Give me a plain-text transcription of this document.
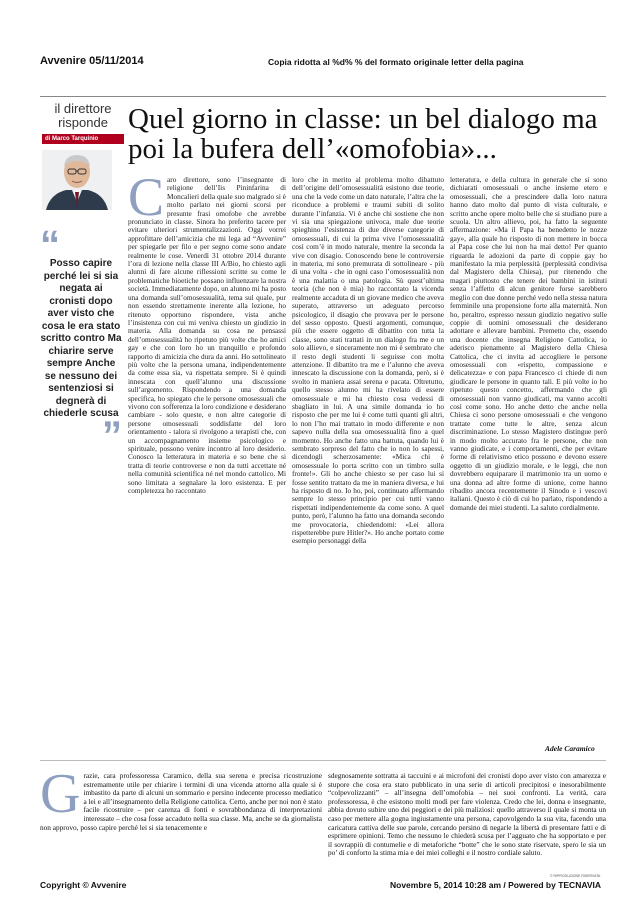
Avvenire 05/11/2014	Copia ridotta al %d% % del formato originale letter della pagina
il direttore
risponde
di Marco Tarquinio
Quel giorno in classe: un bel dialogo ma poi la bufera dell’«omofobia»...
“
Posso capire perché lei si sia negata ai cronisti dopo aver visto che cosa le era stato scritto contro Ma chiarire serve sempre Anche se nessuno dei sentenziosi si degnerà di chiederle scusa
”

Caro direttore, sono l’insegnante di religione dell’Iis Pininfarina di Moncalieri della quale suo malgrado si è molto parlato nei giorni scorsi per presunte frasi omofobe che avrebbe pronunciato in classe. Sinora ho preferito tacere per evitare ulteriori strumentalizzazioni. Oggi vorrei approfittare dell’amicizia che mi lega ad “Avvenire” per spiegarle per filo e per segno come sono andate realmente le cose. Venerdì 31 ottobre 2014 durante l’ora di lezione nella classe III A/Bio, ho chiesto agli alunni di fare alcune riflessioni scritte su come le problematiche bioetiche possano influenzare la nostra società. Immediatamente dopo, un alunno mi ha posto una domanda sull’omosessualità, tema sul quale, pur non essendo strettamente inerente alla lezione, ho ritenuto opportuno rispondere, vista anche l’insistenza con cui mi veniva chiesto un giudizio in materia. Alla domanda su cosa ne pensassi dell’omosessualità ho ripetuto più volte che ho amici gay e che con loro ho un tranquillo e profondo rapporto di amicizia che dura da anni. Ho sottolineato più volte che la persona umana, indipendentemente da come essa sia, va rispettata sempre. Si è quindi innescata con quell’alunno una discussione sull’argomento. Rispondendo a una domanda specifica, ho spiegato che le persone omosessuali che vivono con sofferenza la loro condizione e desiderano cambiare - solo queste, e non altre categorie di persone omosessuali soddisfatte del loro orientamento - talora si rivolgono a terapisti che, con un accompagnamento insieme psicologico e spirituale, possono venire incontro al loro desiderio. Conosco la letteratura in materia e so bene che si tratta di teorie controverse e non da tutti accettate né nella comunità scientifica né nel mondo cattolico. Mi sono limitata a segnalare la loro esistenza. E per completezza ho raccontato

loro che in merito al problema molto dibattuto dell’origine dell’omosessualità esistono due teorie, una che la vede come un dato naturale, l’altra che la riconduce a problemi e traumi subiti di solito durante l’infanzia. Vi è anche chi sostiene che non vi sia una spiegazione univoca, male due teorie spieghino l’esistenza di due diverse categorie di omosessuali, di cui la prima vive l’omosessualità così com’è in modo naturale, mentre la seconda la vive con disagio. Conoscendo bene le controversie in materia, mi sono premurata di sottolineare - più di una volta - che in ogni caso l’omosessualità non è una malattia o una patologia. Sù quest’ultima teoria (che non è mia) ho raccontato la vicenda realmente accaduta di un giovane medico che aveva superato, attraverso un adeguato percorso psicologico, il disagio che provava per le persone del sesso opposto. Questi argomenti, comunque, più che essere oggetto di dibattito con tutta la classe, sono stati trattati in un dialogo fra me e un solo allievo, e sinceramente non mi è sembrato che il resto degli studenti li seguisse con molta attenzione. Il dibattito tra me e l’alunno che aveva innescato la discussione con la domanda, però, si è svolto in maniera assai serena e pacata. Oltretutto, quello stesso alunno mi ha rivelato di essere omosessuale e mi ha chiesto cosa vedessi di sbagliato in lui. A una simile domanda io ho risposto che per me lui è come tutti quanti gli altri, lo non l’ho mai trattato in modo differente e non sapevo nulla della sua omosessualità fino a quel momento. Ho anche fatto una battuta, quando lui è sembrato sorpreso del fatto che io non lo sapessi, dicendogli scherzosamente: «Mica chi è omosessuale lo porta scritto con un timbro sulla fronte!». Gli ho anche chiesto se per caso lui si fosse sentito trattato da me in maniera diversa, e lui ha risposto di no. Io ho, poi, continuato affermando sempre lo stesso principio per cui tutti vanno rispettati indipendentemente da come sono. A quel punto, però, l’alunno ha fatto una domanda secondo me provocatoria, chiedendomi: «Lei allora rispetterebbe pure Hitler?». Ho anche portato come esempio personaggi della

letteratura, e della cultura in generale che si sono dichiarati omosessuali o anche insieme etero e omosessuali, che a prescindere dalla loro natura hanno dato molto dal punto di vista culturale, e scritto anche opere molto belle che si studiano pure a scuola. Un altro allievo, poi, ha fatto la seguente affermazione: «Ma il Papa ha benedetto le nozze gay», alla quale ho risposto di non mettere in bocca al Papa cose che lui non ha mai detto! Per quanto riguarda le adozioni da parte di coppie gay ho manifestato la mia perplessità (perplessità condivisa dal Magistero della Chiesa), pur ritenendo che magari piuttosto che tenere dei bambini in istituti senza l’affetto di alcun genitore forse sarebbero meglio con due donne perché vedo nella stessa natura femminile una propensione forte alla maternità. Non ho, peraltro, espresso nessun giudizio negativo sulle coppie di uomini omosessuali che desiderano adottare e allevare bambini. Premetto che, essendo una docente che insegna Religione Cattolica, io aderisco pienamente al Magistero della Chiesa Cattolica, che ci invita ad accogliere le persone omosessuali con «rispetto, compassione e delicatezza» e con papa Francesco ci chiede di non giudicare le persone in quanto tali. E più volte io ho ripetuto questo concetto, affermando che gli omosessuali non vanno giudicati, ma vanno accolti così come sono. Ho anche detto che anche nella Chiesa ci sono persone omosessuali e che vengono trattate come tutte le altre, senza alcun discriminazione. Lo stesso Magistero distingue però in modo molto accurato fra le persone, che non vanno giudicate, e i comportamenti, che per evitare forme di relativismo etico possono e devono essere oggetto di un giudizio morale, e le leggi, che non dovrebbero equiparare il matrimonio tra un uomo e una donna ad altre forme di unione, come hanno ribadito ancora recentemente il Sinodo e i vescovi italiani. Questo è ciò di cui ho parlato, rispondendo a domande dei miei studenti. La saluto cordialmente.

Adele Caramico

Grazie, cara professoressa Caramico, della sua serena e precisa ricostruzione estremamente utile per chiarire i termini di una vicenda attorno alla quale si è imbastito da parte di alcuni un sommario e persino indecente processo mediatico a lei e all’insegnamento della Religione cattolica. Certo, anche per noi non è stato facile ricostruire – per carenza di fonti e sovrabbondanza di interpretazioni interessate – che cosa fosse accaduto nella sua classe. Ma, anche se da giornalista non approvo, posso capire perché lei si sia tenacemente e

sdegnosamente sottratta ai taccuini e ai microfoni dei cronisti dopo aver visto con amarezza e stupore che cosa era stato pubblicato in una serie di articoli precipitosi e inesorabilmente “colpevolizzanti” – all’insegna dell’omofobia – nei suoi confronti. La verità, cara professoressa, è che esistono molti modi per fare violenza. Credo che lei, donna e insegnante, abbia dovuto subire uno dei peggiori e dei più maliziosi: quello attraverso il quale si monta un caso per mettere alla gogna ingiustamente una persona, capovolgendo la sua vita, facendo una caricatura cattiva delle sue parole, cercando persino di negarle la libertà di presentare fatti e di esprimere opinioni. Temo che nessuno le chiederà scusa per l’agguato che ha sopportato e per il sovrappiù di contumelie e di metaforiche “botte” che le sono state riservate, spero le sia un po’ di conforto la stima mia e dei miei colleghi e il nostro cordiale saluto.

© RIPRODUZIONE RISERVATA
Copyright © Avvenire	Novembre 5, 2014 10:28 am / Powered by TECNAVIA
